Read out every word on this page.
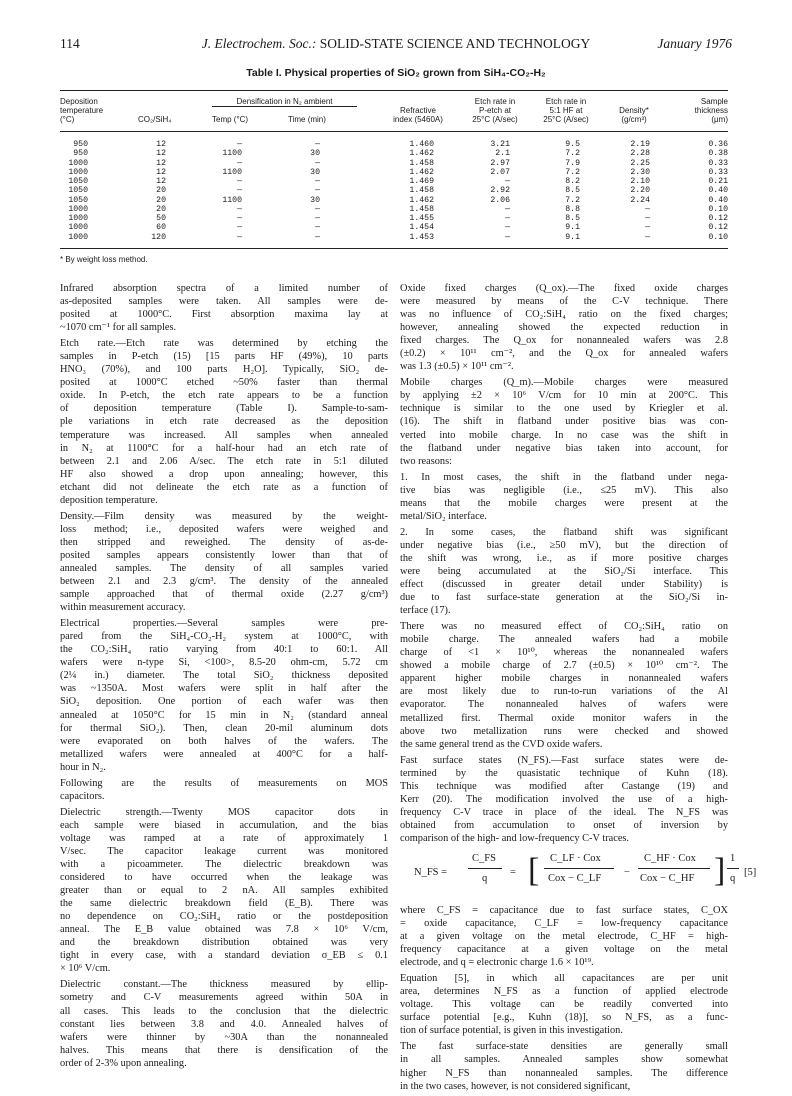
114	J. Electrochem. Soc.: SOLID-STATE SCIENCE AND TECHNOLOGY	January 1976
Table I. Physical properties of SiO₂ grown from SiH₄-CO₂-H₂
Deposition
temperature
(°C)	CO₂/SiH₄
Densification in N₂ ambient
Temp (°C)	Time (min)
Refractive
index (5460A)
Etch rate in
P-etch at
25°C (A/sec)
Etch rate in
5:1 HF at
25°C (A/sec)
Density*
(g/cm³)
Sample
thickness
(μm)
950	12	—	—	1.460	3.21	9.5	2.19	0.36
950	12	1100	30	1.462	2.1	7.2	2.28	0.38
1000	12	—	—	1.458	2.97	7.9	2.25	0.33
1000	12	1100	30	1.462	2.07	7.2	2.30	0.33
1050	12	—	—	1.469	—	8.2	2.10	0.21
1050	20	—	—	1.458	2.92	8.5	2.20	0.40
1050	20	1100	30	1.462	2.06	7.2	2.24	0.40
1000	20	—	—	1.458	—	8.8	—	0.10
1000	50	—	—	1.455	—	8.5	—	0.12
1000	60	—	—	1.454	—	9.1	—	0.12
1000	120	—	—	1.453	—	9.1	—	0.10
* By weight loss method.

Infrared absorption spectra of a limited number of
as-deposited samples were taken. All samples were de-
posited at 1000°C. First absorption maxima lay at
~1070 cm⁻¹ for all samples.

Etch rate.—Etch rate was determined by etching the
samples in P-etch (15) [15 parts HF (49%), 10 parts
HNO₃ (70%), and 100 parts H₂O]. Typically, SiO₂ de-
posited at 1000°C etched ~50% faster than thermal
oxide. In P-etch, the etch rate appears to be a function
of deposition temperature (Table I). Sample-to-sam-
ple variations in etch rate decreased as the deposition
temperature was increased. All samples when annealed
in N₂ at 1100°C for a half-hour had an etch rate of
between 2.1 and 2.06 A/sec. The etch rate in 5:1 diluted
HF also showed a drop upon annealing; however, this
etchant did not delineate the etch rate as a function of
deposition temperature.

Density.—Film density was measured by the weight-
loss method; i.e., deposited wafers were weighed and
then stripped and reweighed. The density of as-de-
posited samples appears consistently lower than that of
annealed samples. The density of all samples varied
between 2.1 and 2.3 g/cm³. The density of the annealed
sample approached that of thermal oxide (2.27 g/cm³)
within measurement accuracy.

Electrical properties.—Several samples were pre-
pared from the SiH₄-CO₂-H₂ system at 1000°C, with
the CO₂:SiH₄ ratio varying from 40:1 to 60:1. All
wafers were n-type Si, <100>, 8.5-20 ohm-cm, 5.72 cm
(2¼ in.) diameter. The total SiO₂ thickness deposited
was ~1350A. Most wafers were split in half after the
SiO₂ deposition. One portion of each wafer was then
annealed at 1050°C for 15 min in N₂ (standard anneal
for thermal SiO₂). Then, clean 20-mil aluminum dots
were evaporated on both halves of the wafers. The
metallized wafers were annealed at 400°C for a half-
hour in N₂.

Following are the results of measurements on MOS
capacitors.

Dielectric strength.—Twenty MOS capacitor dots in
each sample were biased in accumulation, and the bias
voltage was ramped at a rate of approximately 1
V/sec. The capacitor leakage current was monitored
with a picoammeter. The dielectric breakdown was
considered to have occurred when the leakage was
greater than or equal to 2 nA. All samples exhibited
the same dielectric breakdown field (E_B). There was
no dependence on CO₂:SiH₄ ratio or the postdeposition
anneal. The E_B value obtained was 7.8 × 10⁶ V/cm,
and the breakdown distribution obtained was very
tight in every case, with a standard deviation σ_EB ≤ 0.1
× 10⁶ V/cm.

Dielectric constant.—The thickness measured by ellip-
sometry and C-V measurements agreed within 50A in
all cases. This leads to the conclusion that the dielectric
constant lies between 3.8 and 4.0. Annealed halves of
wafers were thinner by ~30A than the nonannealed
halves. This means that there is densification of the
order of 2-3% upon annealing.

Oxide fixed charges (Q_ox).—The fixed oxide charges
were measured by means of the C-V technique. There
was no influence of CO₂:SiH₄ ratio on the fixed charges;
however, annealing showed the expected reduction in
fixed charges. The Q_ox for nonannealed wafers was 2.8
(±0.2) × 10¹¹ cm⁻², and the Q_ox for annealed wafers
was 1.3 (±0.5) × 10¹¹ cm⁻².

Mobile charges (Q_m).—Mobile charges were measured
by applying ±2 × 10⁶ V/cm for 10 min at 200°C. This
technique is similar to the one used by Kriegler et al.
(16). The shift in flatband under positive bias was con-
verted into mobile charge. In no case was the shift in
the flatband under negative bias taken into account, for
two reasons:

1. In most cases, the shift in the flatband under nega-
tive bias was negligible (i.e., ≤25 mV). This also
means that the mobile charges were present at the
metal/SiO₂ interface.

2. In some cases, the flatband shift was significant
under negative bias (i.e., ≥50 mV), but the direction of
the shift was wrong, i.e., as if more positive charges
were being accumulated at the SiO₂/Si interface. This
effect (discussed in greater detail under Stability) is
due to fast surface-state generation at the SiO₂/Si in-
terface (17).

There was no measured effect of CO₂:SiH₄ ratio on
mobile charge. The annealed wafers had a mobile
charge of <1 × 10¹⁰, whereas the nonannealed wafers
showed a mobile charge of 2.7 (±0.5) × 10¹⁰ cm⁻². The
apparent higher mobile charges in nonannealed wafers
are most likely due to run-to-run variations of the Al
evaporator. The nonannealed halves of wafers were
metallized first. Thermal oxide monitor wafers in the
above two metallization runs were checked and showed
the same general trend as the CVD oxide wafers.

Fast surface states (N_FS).—Fast surface states were de-
termined by the quasistatic technique of Kuhn (18).
This technique was modified after Castange (19) and
Kerr (20). The modification involved the use of a high-
frequency C-V trace in place of the ideal. The N_FS was
obtained from accumulation to onset of inversion by
comparison of the high- and low-frequency C-V traces.

N_FS =
C_FS
q
= [ C_LF · Cox
Cox − C_LF
−
C_HF · Cox
Cox − C_HF ] 1
q
[5]

where C_FS = capacitance due to fast surface states, C_OX
= oxide capacitance, C_LF = low-frequency capacitance
at a given voltage on the metal electrode, C_HF = high-
frequency capacitance at a given voltage on the metal
electrode, and q = electronic charge 1.6 × 10¹⁹.

Equation [5], in which all capacitances are per unit
area, determines N_FS as a function of applied electrode
voltage. This voltage can be readily converted into
surface potential [e.g., Kuhn (18)], so N_FS, as a func-
tion of surface potential, is given in this investigation.

The fast surface-state densities are generally small
in all samples. Annealed samples show somewhat
higher N_FS than nonannealed samples. The difference
in the two cases, however, is not considered significant,
